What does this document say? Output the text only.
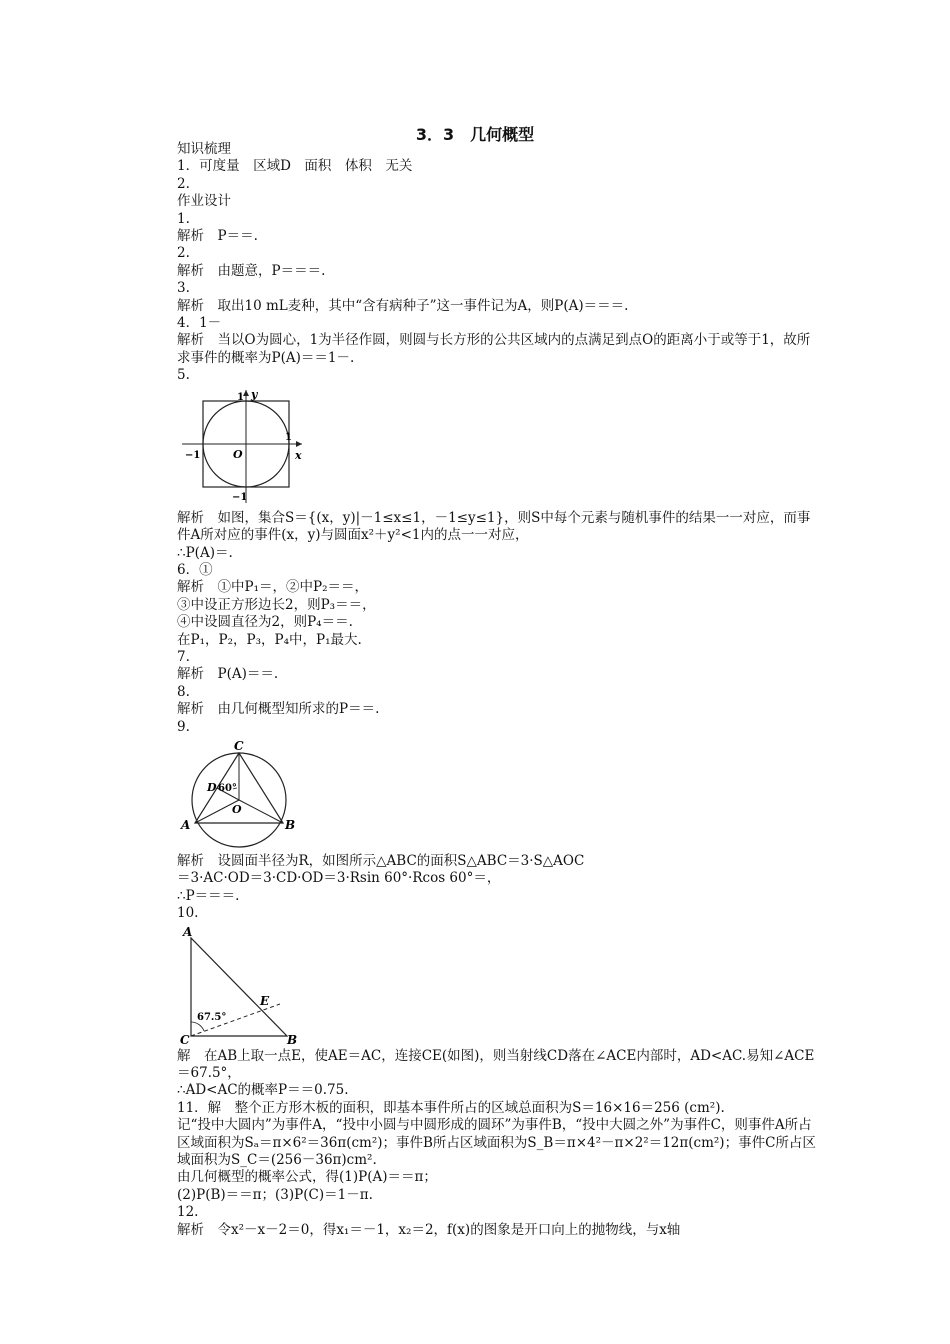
3．3　几何概型
知识梳理
1．可度量　区域D　面积　体积　无关
2.
作业设计
1.
解析　P＝＝.
2.
解析　由题意，P＝＝＝.
3.
解析　取出10 mL麦种，其中“含有病种子”这一事件记为A，则P(A)＝＝＝.
4．1－
解析　当以O为圆心，1为半径作圆，则圆与长方形的公共区域内的点满足到点O的距离小于或等于1，故所求事件的概率为P(A)＝＝1－.
5.
y
x
1
1
−1
−1
O
解析　如图，集合S＝{(x，y)|－1≤x≤1，－1≤y≤1}，则S中每个元素与随机事件的结果一一对应，而事件A所对应的事件(x，y)与圆面x²＋y²<1内的点一一对应，
∴P(A)＝.
6．①
解析　①中P₁＝，②中P₂＝＝，
③中设正方形边长2，则P₃＝＝，
④中设圆直径为2，则P₄＝＝.
在P₁，P₂，P₃，P₄中，P₁最大.
7.
解析　P(A)＝＝.
8.
解析　由几何概型知所求的P＝＝.
9.
C
D 60°
O
A	B
解析　设圆面半径为R，如图所示△ABC的面积S△ABC＝3·S△AOC
＝3·AC·OD＝3·CD·OD＝3·Rsin 60°·Rcos 60°＝，
∴P＝＝＝.
10.
A
E
67.5°
C	B
解　在AB上取一点E，使AE＝AC，连接CE(如图)，则当射线CD落在∠ACE内部时，AD<AC.易知∠ACE＝67.5°，
∴AD<AC的概率P＝＝0.75.
11．解　整个正方形木板的面积，即基本事件所占的区域总面积为S＝16×16＝256 (cm²).
记“投中大圆内”为事件A，“投中小圆与中圆形成的圆环”为事件B，“投中大圆之外”为事件C，则事件A所占区域面积为Sₐ＝π×6²＝36π(cm²)；事件B所占区域面积为S_B＝π×4²－π×2²＝12π(cm²)；事件C所占区域面积为S_C＝(256－36π)cm².
由几何概型的概率公式，得(1)P(A)＝＝π；
(2)P(B)＝＝π；(3)P(C)＝1－π.
12.
解析　令x²－x－2＝0，得x₁＝－1，x₂＝2，f(x)的图象是开口向上的抛物线，与x轴
